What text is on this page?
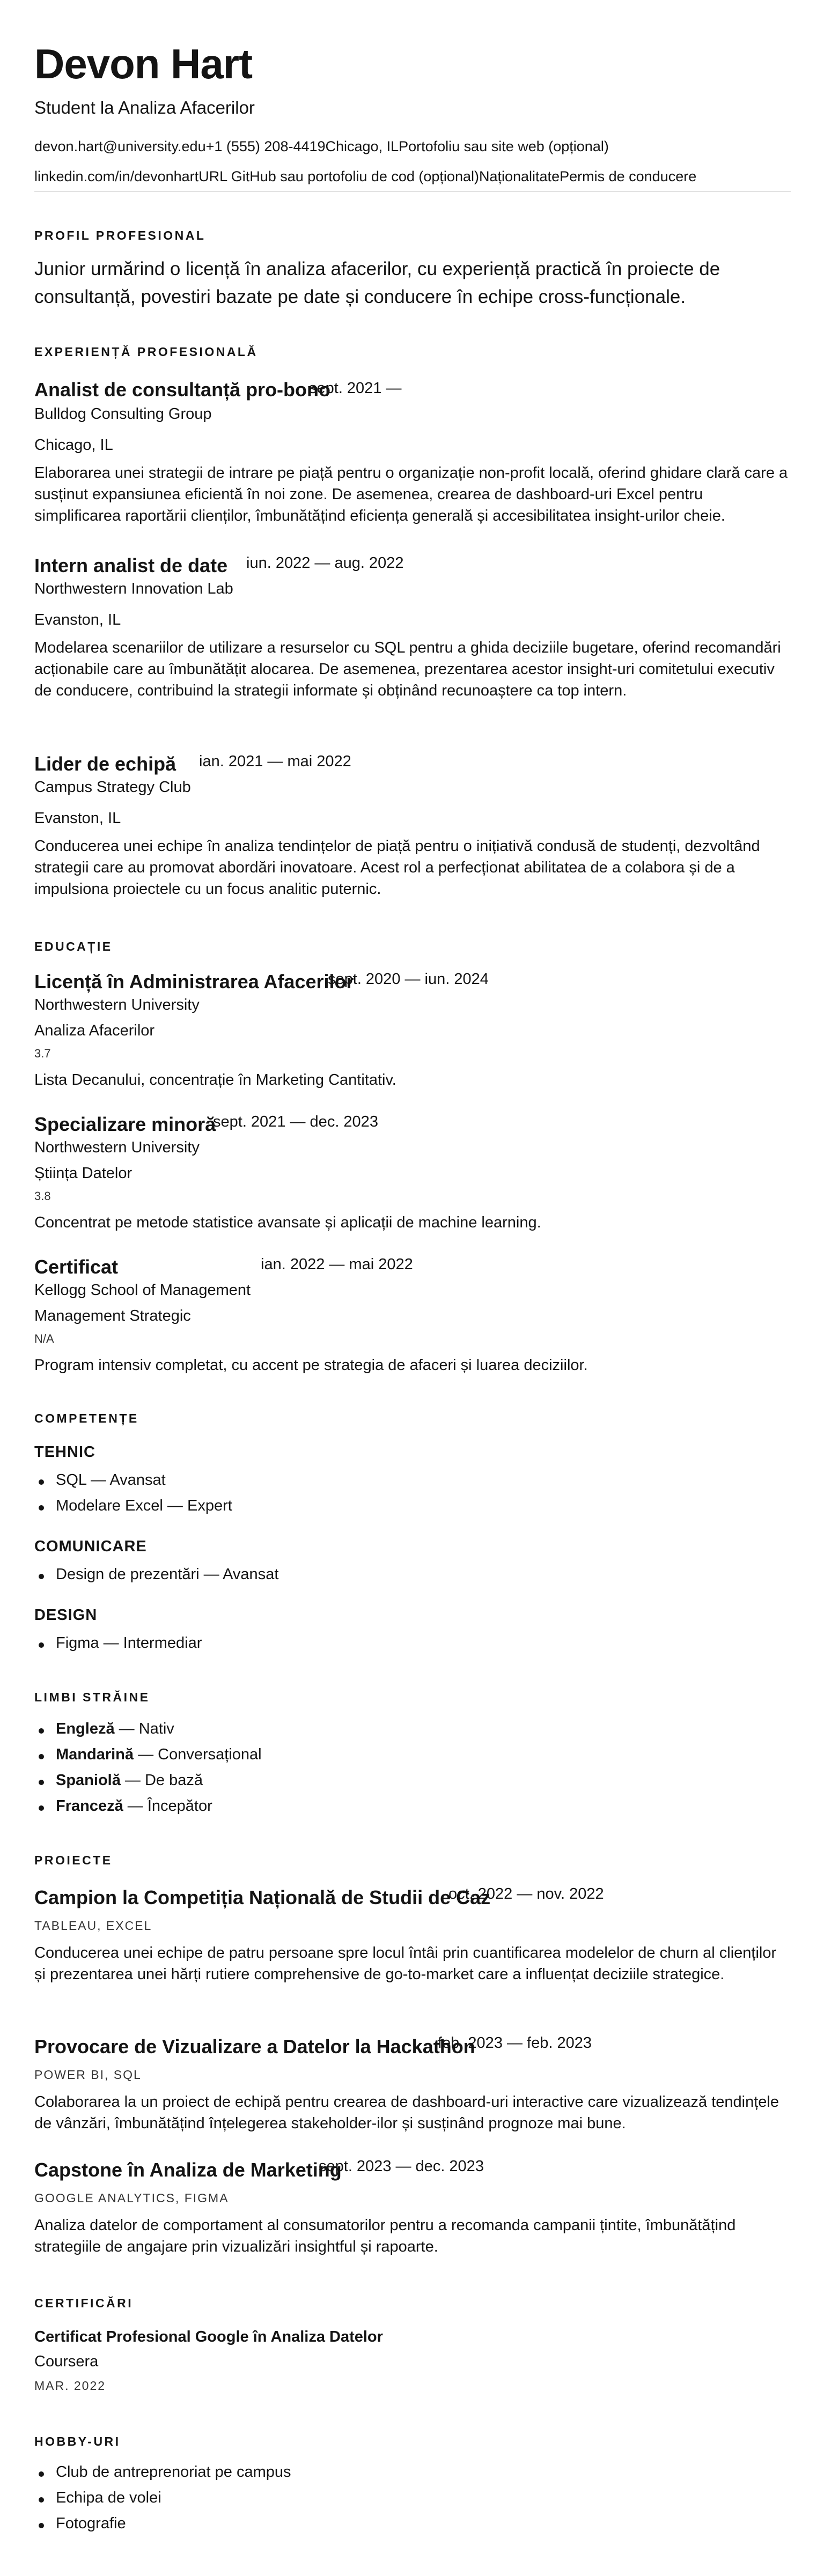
Devon Hart
Student la Analiza Afacerilor
devon.hart@university.edu+1 (555) 208-4419Chicago, ILPortofoliu sau site web (opțional)
linkedin.com/in/devonhartURL GitHub sau portofoliu de cod (opțional)NaționalitatePermis de conducere
PROFIL PROFESIONAL
Junior urmărind o licență în analiza afacerilor, cu experiență practică în proiecte de consultanță, povestiri bazate pe date și conducere în echipe cross-funcționale.
EXPERIENȚĂ PROFESIONALĂ
Analist de consultanță pro-bono
sept. 2021 —
Bulldog Consulting Group
Chicago, IL
Elaborarea unei strategii de intrare pe piață pentru o organizație non-profit locală, oferind ghidare clară care a susținut expansiunea eficientă în noi zone. De asemenea, crearea de dashboard-uri Excel pentru simplificarea raportării clienților, îmbunătățind eficiența generală și accesibilitatea insight-urilor cheie.
Intern analist de date iun. 2022 — aug. 2022
Northwestern Innovation Lab
Evanston, IL
Modelarea scenariilor de utilizare a resurselor cu SQL pentru a ghida deciziile bugetare, oferind recomandări acționabile care au îmbunătățit alocarea. De asemenea, prezentarea acestor insight-uri comitetului executiv de conducere, contribuind la strategii informate și obținând recunoaștere ca top intern.
Lider de echipă ian. 2021 — mai 2022
Campus Strategy Club
Evanston, IL
Conducerea unei echipe în analiza tendințelor de piață pentru o inițiativă condusă de studenți, dezvoltând strategii care au promovat abordări inovatoare. Acest rol a perfecționat abilitatea de a colabora și de a impulsiona proiectele cu un focus analitic puternic.
EDUCAȚIE
Licență în Administrarea Afacerilor
sept. 2020 — iun. 2024
Northwestern University
Analiza Afacerilor
3.7
Lista Decanului, concentrație în Marketing Cantitativ.
Specializare minoră
sept. 2021 — dec. 2023
Northwestern University
Știința Datelor
3.8
Concentrat pe metode statistice avansate și aplicații de machine learning.
Certificat	ian. 2022 — mai 2022
Kellogg School of Management
Management Strategic
N/A
Program intensiv completat, cu accent pe strategia de afaceri și luarea deciziilor.
COMPETENȚE
TEHNIC
SQL — Avansat
Modelare Excel — Expert
COMUNICARE
Design de prezentări — Avansat
DESIGN
Figma — Intermediar
LIMBI STRĂINE
Engleză — Nativ
Mandarină — Conversațional
Spaniolă — De bază
Franceză — Începător
PROIECTE
Campion la Competiția Națională de Studii de Caz
oct. 2022 — nov. 2022
TABLEAU, EXCEL
Conducerea unei echipe de patru persoane spre locul întâi prin cuantificarea modelelor de churn al clienților și prezentarea unei hărți rutiere comprehensive de go-to-market care a influențat deciziile strategice.
Provocare de Vizualizare a Datelor la Hackathon
feb. 2023 — feb. 2023
POWER BI, SQL
Colaborarea la un proiect de echipă pentru crearea de dashboard-uri interactive care vizualizează tendințele de vânzări, îmbunătățind înțelegerea stakeholder-ilor și susținând prognoze mai bune.
Capstone în Analiza de Marketing
sept. 2023 — dec. 2023
GOOGLE ANALYTICS, FIGMA
Analiza datelor de comportament al consumatorilor pentru a recomanda campanii țintite, îmbunătățind strategiile de angajare prin vizualizări insightful și rapoarte.
CERTIFICĂRI
Certificat Profesional Google în Analiza Datelor
Coursera
MAR. 2022
HOBBY-URI
Club de antreprenoriat pe campus
Echipa de volei
Fotografie
